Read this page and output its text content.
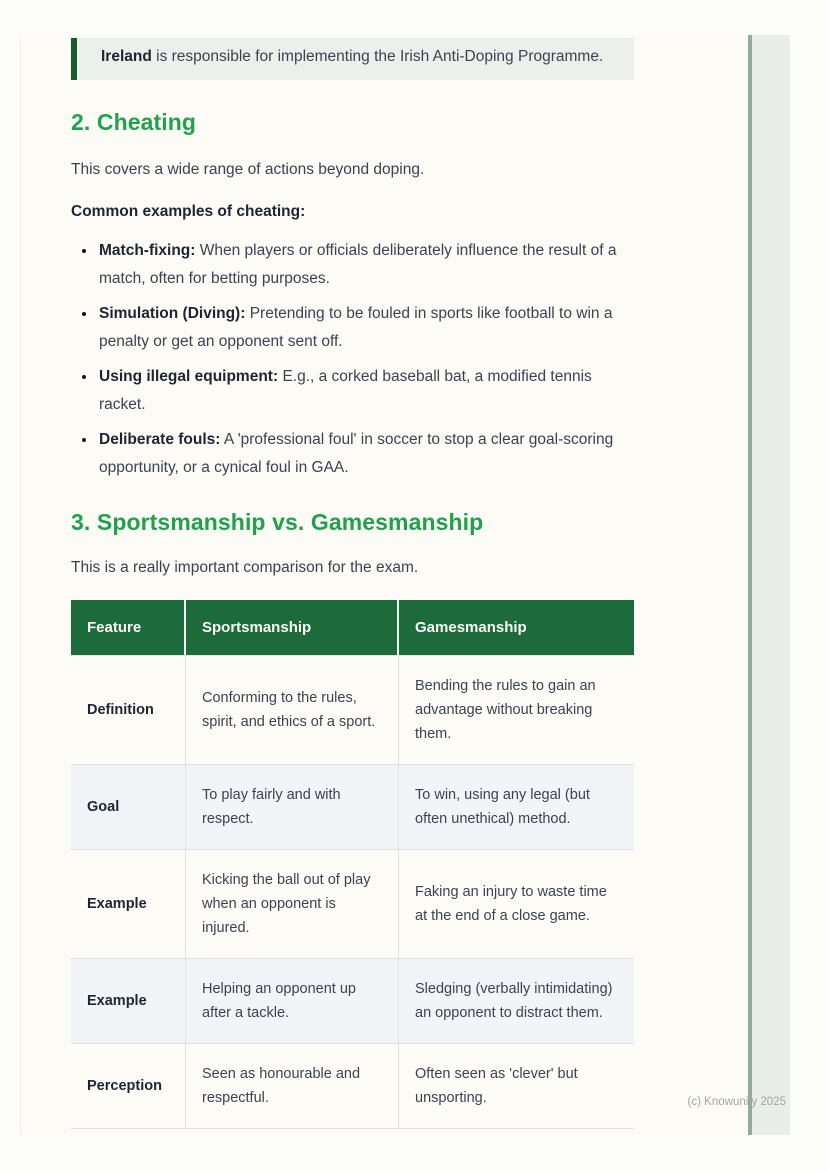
Ireland is responsible for implementing the Irish Anti-Doping Programme.
2. Cheating
This covers a wide range of actions beyond doping.
Common examples of cheating:
• Match-fixing: When players or officials deliberately influence the result of a match, often for betting purposes.
• Simulation (Diving): Pretending to be fouled in sports like football to win a penalty or get an opponent sent off.
• Using illegal equipment: E.g., a corked baseball bat, a modified tennis racket.
• Deliberate fouls: A 'professional foul' in soccer to stop a clear goal-scoring opportunity, or a cynical foul in GAA.
3. Sportsmanship vs. Gamesmanship
This is a really important comparison for the exam.
Feature	Sportsmanship	Gamesmanship
Definition	Conforming to the rules, spirit, and ethics of a sport.	Bending the rules to gain an advantage without breaking them.
Goal	To play fairly and with respect.	To win, using any legal (but often unethical) method.
Example	Kicking the ball out of play when an opponent is injured.	Faking an injury to waste time at the end of a close game.
Example	Helping an opponent up after a tackle.	Sledging (verbally intimidating) an opponent to distract them.
Perception	Seen as honourable and respectful.	Often seen as 'clever' but unsporting.	(c) Knowunity 2025
